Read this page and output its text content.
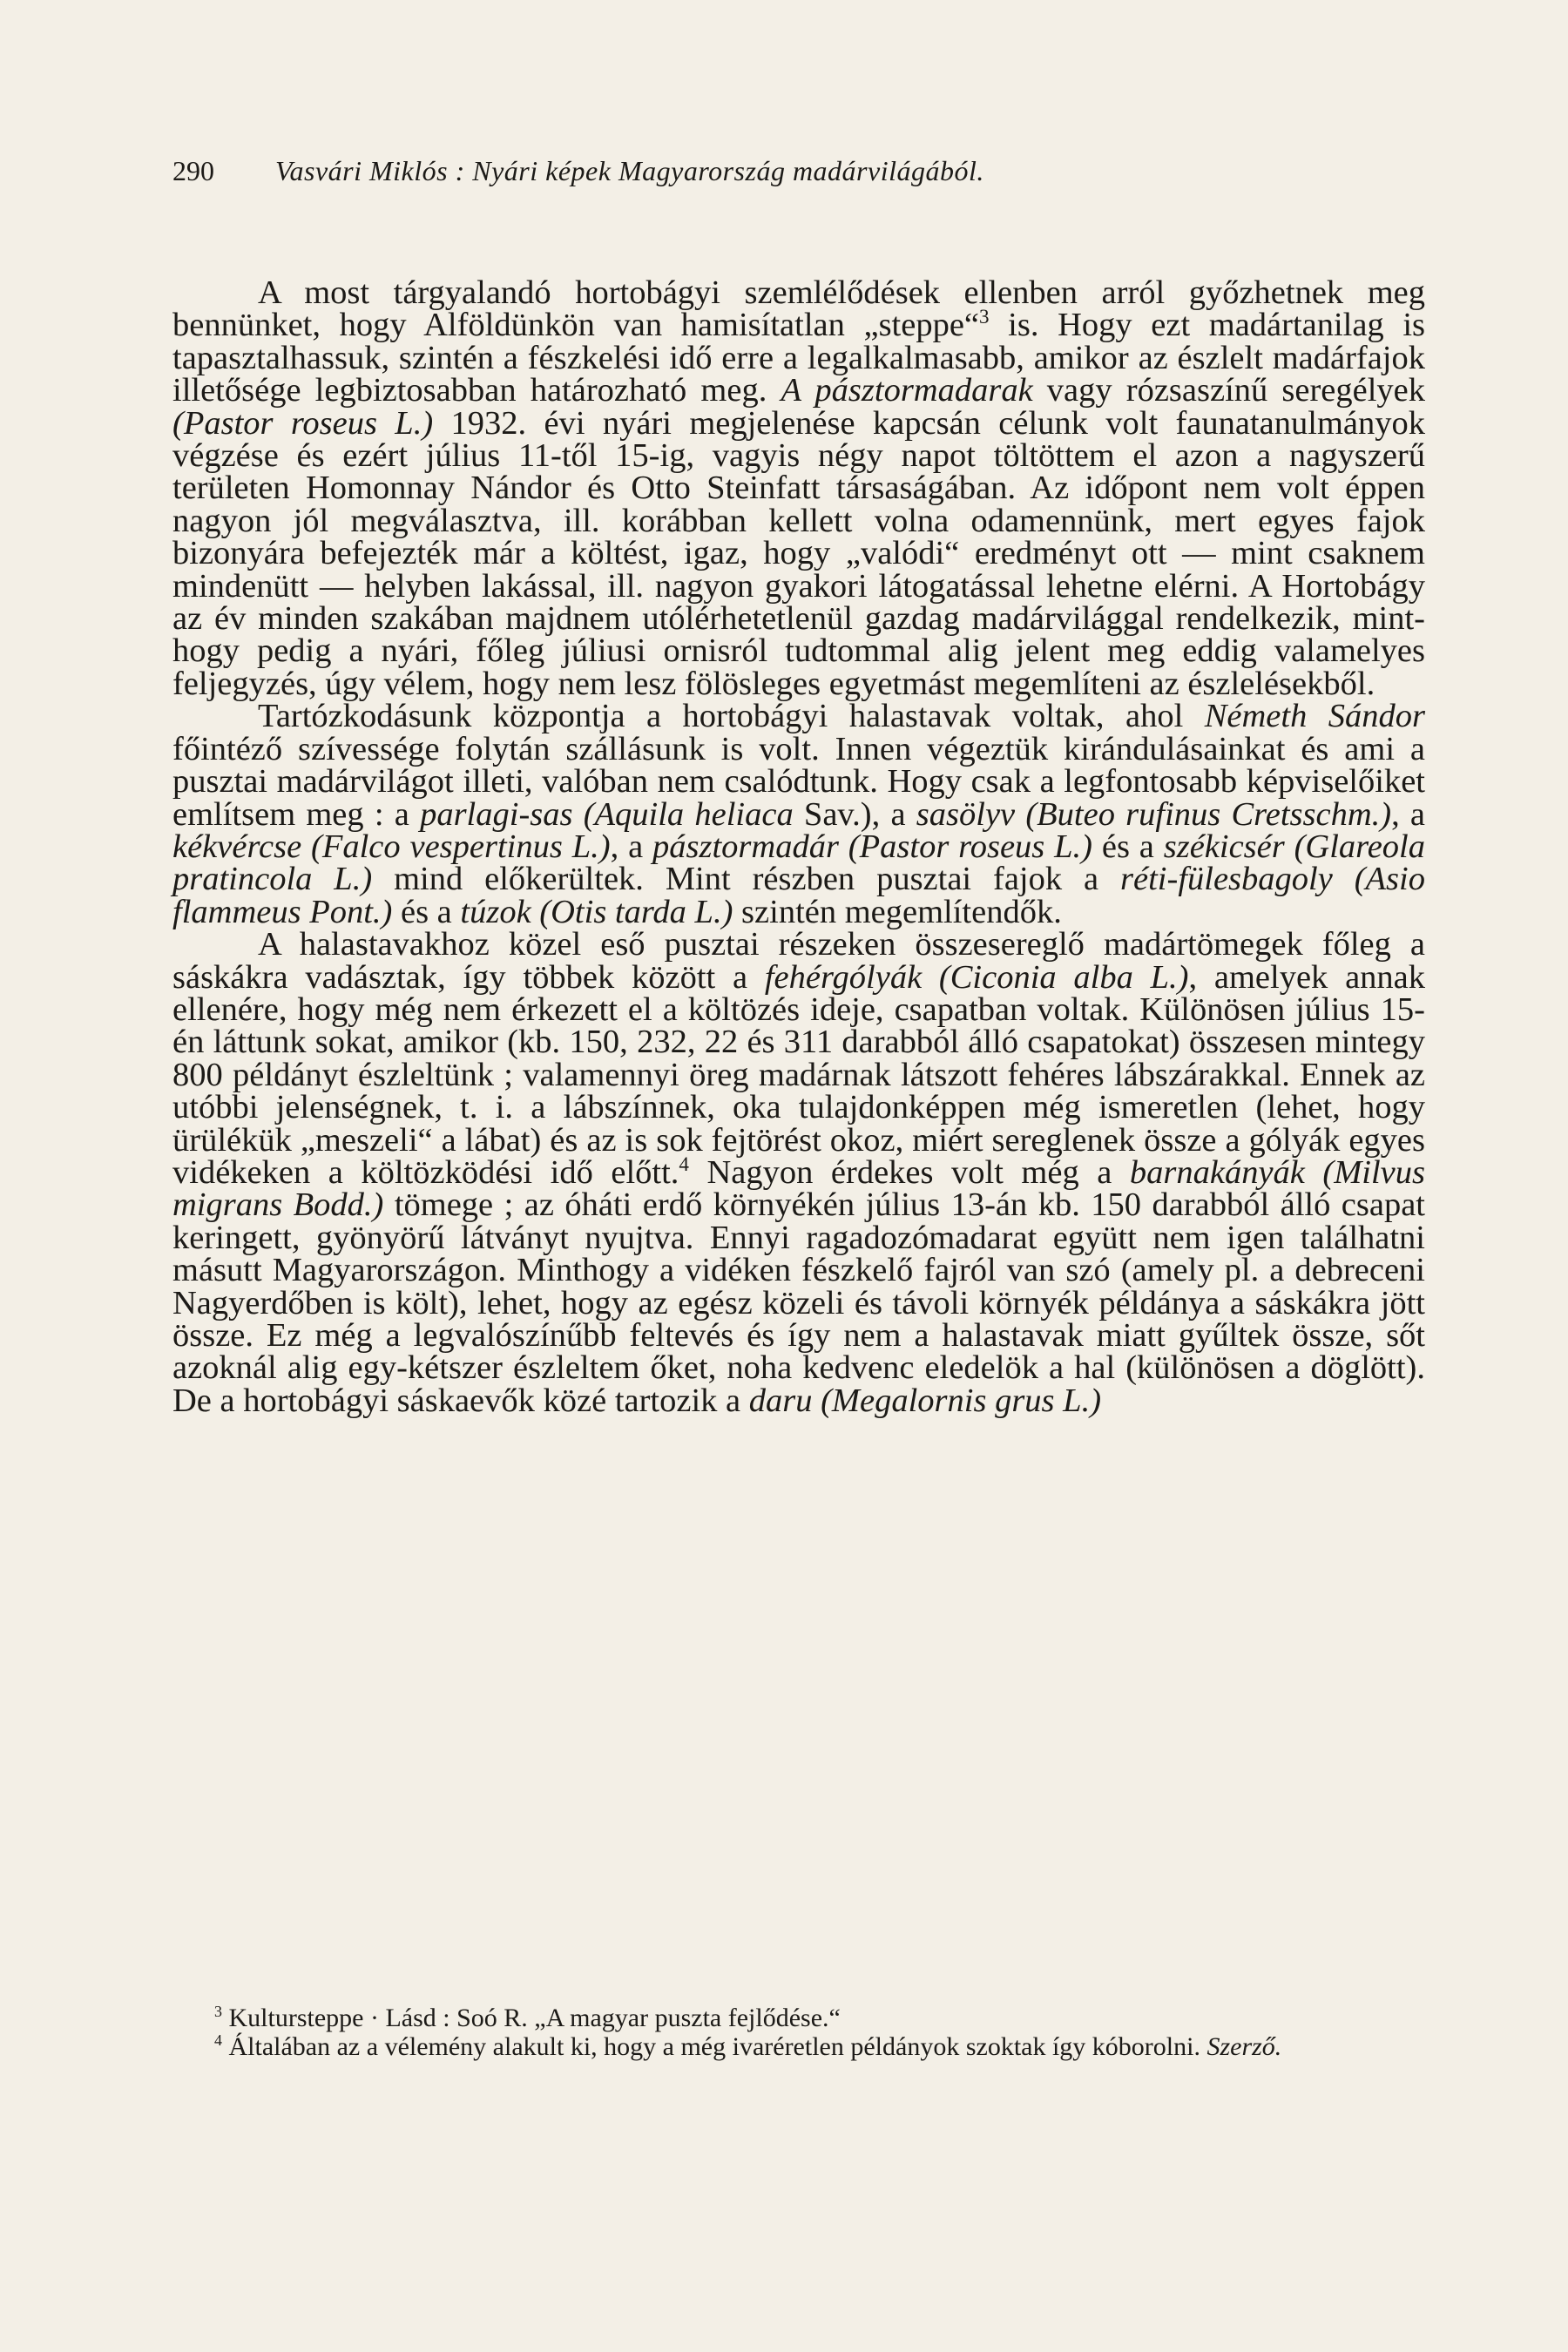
290 Vasvári Miklós : Nyári képek Magyarország madárvilágából.

A most tárgyalandó hortobágyi szemlélődések ellenben arról győzhetnek meg bennünket, hogy Alföldünkön van hamisítatlan „steppe“$^3$ is. Hogy ezt madártanilag is tapasztalhassuk, szintén a fészkelési idő erre a legalkalmasabb, amikor az észlelt madárfajok illetősége legbiztosabban határozható meg. A pásztormadarak vagy rózsaszínű seregélyek (Pastor roseus L.) 1932. évi nyári megjelenése kapcsán célunk volt faunatanulmányok végzése és ezért július 11-től 15-ig, vagyis négy napot töltöttem el azon a nagyszerű területen Homonnay Nándor és Otto Steinfatt társaságában. Az időpont nem volt éppen nagyon jól megválasztva, ill. korábban kellett volna odamennünk, mert egyes fajok bizonyára befejezték már a költést, igaz, hogy „valódi“ eredményt ott — mint csaknem mindenütt — helyben lakással, ill. nagyon gyakori látogatással lehetne elérni. A Hortobágy az év minden szakában majdnem utólérhetetlenül gazdag madárvilággal rendelkezik, minthogy pedig a nyári, főleg júliusi ornisról tudtommal alig jelent meg eddig valamelyes feljegyzés, úgy vélem, hogy nem lesz fölösleges egyetmást megemlíteni az észlelésekből.

Tartózkodásunk központja a hortobágyi halastavak voltak, ahol Németh Sándor főintéző szívessége folytán szállásunk is volt. Innen végeztük kirándulásainkat és ami a pusztai madárvilágot illeti, valóban nem csalódtunk. Hogy csak a legfontosabb képviselőiket említsem meg : a parlagi-sas (Aquila heliaca Sav.), a sasölyv (Buteo rufinus Cretsschm.), a kékvércse (Falco vespertinus L.), a pásztormadár (Pastor roseus L.) és a székicsér (Glareola pratincola L.) mind előkerültek. Mint részben pusztai fajok a réti-fülesbagoly (Asio flammeus Pont.) és a túzok (Otis tarda L.) szintén megemlítendők.

A halastavakhoz közel eső pusztai részeken összesereglő madártömegek főleg a sáskákra vadásztak, így többek között a fehérgólyák (Ciconia alba L.), amelyek annak ellenére, hogy még nem érkezett el a költözés ideje, csapatban voltak. Különösen július 15-én láttunk sokat, amikor (kb. 150, 232, 22 és 311 darabból álló csapatokat) összesen mintegy 800 példányt észleltünk ; valamennyi öreg madárnak látszott fehéres lábszárakkal. Ennek az utóbbi jelenségnek, t. i. a lábszínnek, oka tulajdonképpen még ismeretlen (lehet, hogy ürülékük „meszeli“ a lábat) és az is sok fejtörést okoz, miért sereglenek össze a gólyák egyes vidékeken a költözködési idő előtt.$^4$ Nagyon érdekes volt még a barnakányák (Milvus migrans Bodd.) tömege ; az óháti erdő környékén július 13-án kb. 150 darabból álló csapat keringett, gyönyörű látványt nyujtva. Ennyi ragadozómadarat együtt nem igen találhatni másutt Magyarországon. Minthogy a vidéken fészkelő fajról van szó (amely pl. a debreceni Nagyerdőben is költ), lehet, hogy az egész közeli és távoli környék példánya a sáskákra jött össze. Ez még a legvalószínűbb feltevés és így nem a halastavak miatt gyűltek össze, sőt azoknál alig egy-kétszer észleltem őket, noha kedvenc eledelök a hal (különösen a döglött). De a hortobágyi sáskaevők közé tartozik a daru (Megalornis grus L.)

$^3$ Kultursteppe · Lásd : Soó R. „A magyar puszta fejlődése.“

$^4$ Általában az a vélemény alakult ki, hogy a még ivaréretlen példányok szoktak így kóborolni. Szerző.
